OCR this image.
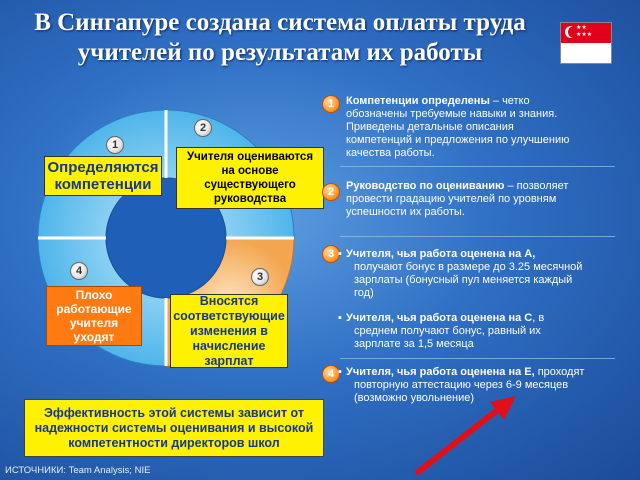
В Сингапуре создана система оплаты труда
учителей по результатам их работы
★★
★★★
1
2
3
4
Определяются
компетенции
Учителя оцениваются
на основе
существующего
руководства
Плохо
работающие
учителя
уходят
Вносятся
соответствующие
изменения в
начисление
зарплат
Эффективность этой системы зависит от
надежности системы оценивания и высокой
компетентности директоров школ
1	Компетенции определены – четко
обозначены требуемые навыки и знания.
Приведены детальные описания
компетенций и предложения по улучшению
качества работы.
2	Руководство по оцениванию – позволяет
провести градацию учителей по уровням
успешности их работы.
3 ▪ Учителя, чья работа оценена на А,
получают бонус в размере до 3.25 месячной
зарплаты (бонусный пул меняется каждый
год)
▪ Учителя, чья работа оценена на С, в
среднем получают бонус, равный их
зарплате за 1,5 месяца
4 ▪ Учителя, чья работа оценена на Е, проходят
повторную аттестацию через 6-9 месяцев
(возможно увольнение)
ИСТОЧНИКИ: Team Analysis; NIE
